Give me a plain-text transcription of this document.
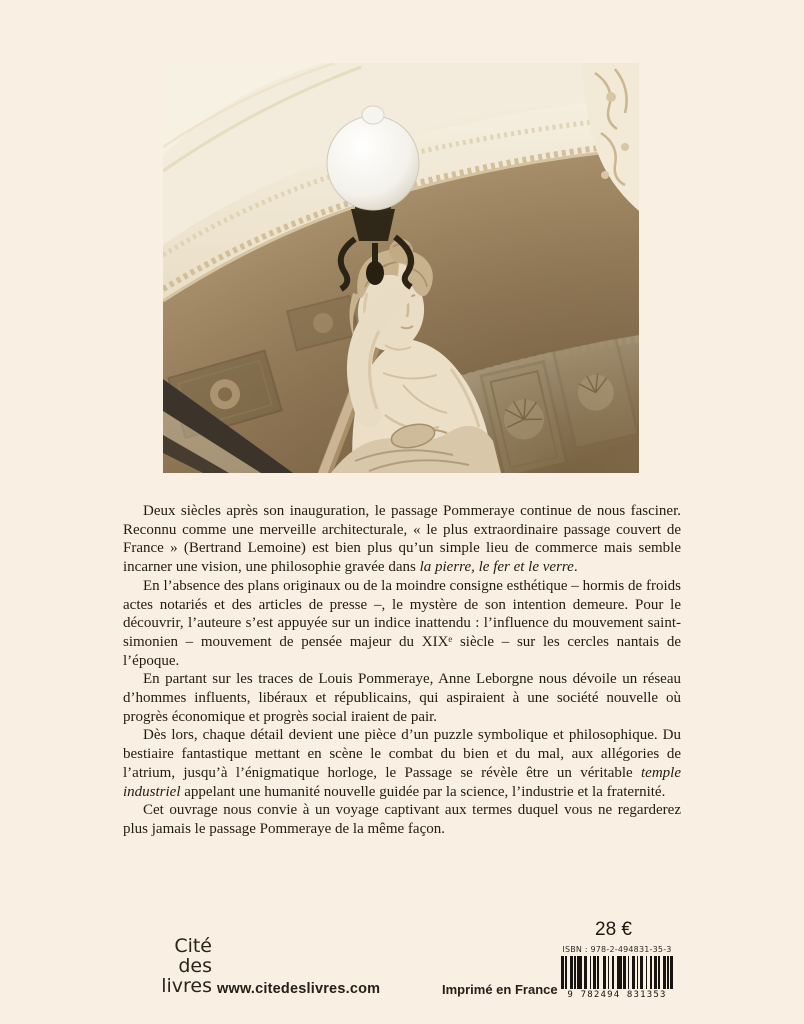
Deux siècles après son inauguration, le passage Pommeraye continue de nous fasciner. Reconnu comme une merveille architecturale, « le plus extraordinaire passage couvert de France » (Bertrand Lemoine) est bien plus qu’un simple lieu de commerce mais semble incarner une vision, une philosophie gravée dans la pierre, le fer et le verre.

En l’absence des plans originaux ou de la moindre consigne esthétique – hormis de froids actes notariés et des articles de presse –, le mystère de son intention demeure. Pour le découvrir, l’auteure s’est appuyée sur un indice inattendu : l’influence du mouvement saint-simonien – mouvement de pensée majeur du XIXᵉ siècle – sur les cercles nantais de l’époque.

En partant sur les traces de Louis Pommeraye, Anne Leborgne nous dévoile un réseau d’hommes influents, libéraux et républicains, qui aspiraient à une société nouvelle où progrès économique et progrès social iraient de pair.

Dès lors, chaque détail devient une pièce d’un puzzle symbolique et philosophique. Du bestiaire fantastique mettant en scène le combat du bien et du mal, aux allégories de l’atrium, jusqu’à l’énigmatique horloge, le Passage se révèle être un véritable temple industriel appelant une humanité nouvelle guidée par la science, l’industrie et la fraternité.

Cet ouvrage nous convie à un voyage captivant aux termes duquel vous ne regarderez plus jamais le passage Pommeraye de la même façon.

28 €
ISBN : 978-2-494831-35-3
9 782494 831353
Cité
des
livres www.citedeslivres.com	Imprimé en France
